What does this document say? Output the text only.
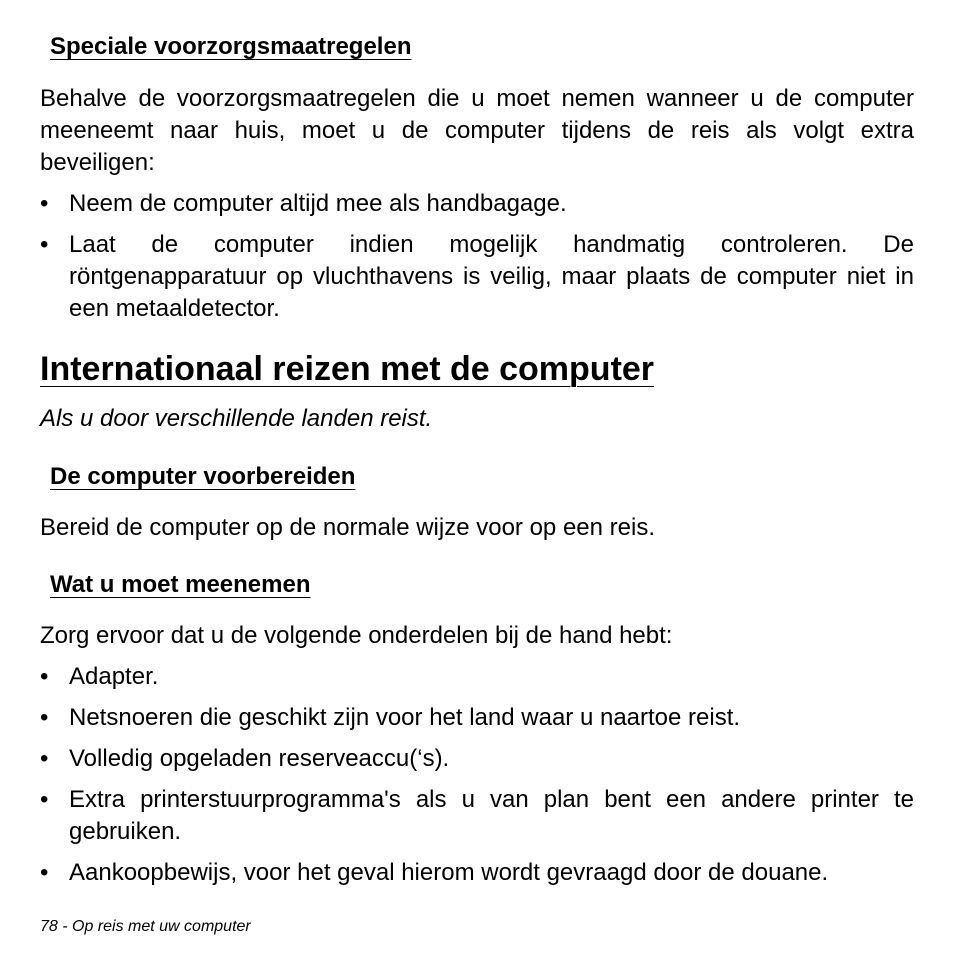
Speciale voorzorgsmaatregelen

Behalve de voorzorgsmaatregelen die u moet nemen wanneer u de computer meeneemt naar huis, moet u de computer tijdens de reis als volgt extra beveiligen:

• Neem de computer altijd mee als handbagage.
• Laat de computer indien mogelijk handmatig controleren. De röntgenapparatuur op vluchthavens is veilig, maar plaats de computer niet in een metaaldetector.
Internationaal reizen met de computer

Als u door verschillende landen reist.

De computer voorbereiden

Bereid de computer op de normale wijze voor op een reis.

Wat u moet meenemen

Zorg ervoor dat u de volgende onderdelen bij de hand hebt:

• Adapter.
• Netsnoeren die geschikt zijn voor het land waar u naartoe reist.
• Volledig opgeladen reserveaccu(‘s).
• Extra printerstuurprogramma's als u van plan bent een andere printer te gebruiken.
• Aankoopbewijs, voor het geval hierom wordt gevraagd door de douane.
78 - Op reis met uw computer
